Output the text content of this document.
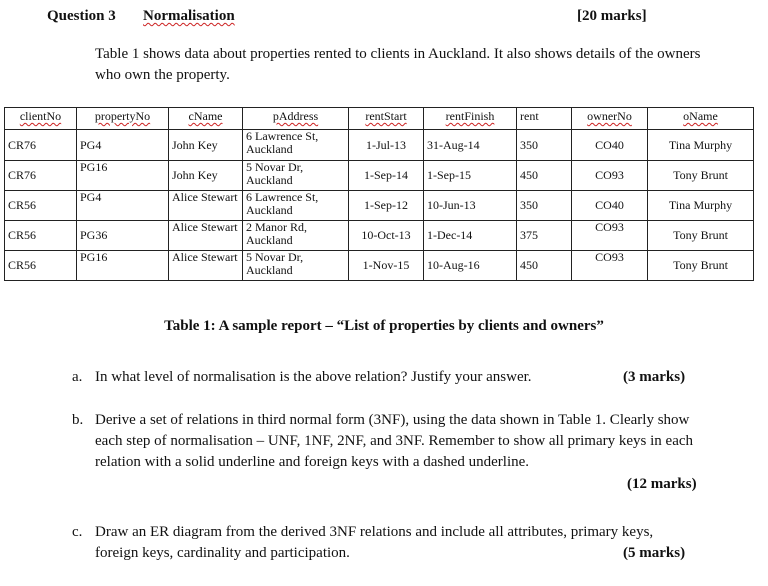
Question 3 Normalisation	[20 marks]
Table 1 shows data about properties rented to clients in Auckland. It also shows details of the owners who own the property.
clientNo	propertyNo	cName	pAddress	rentStart	rentFinish	rent	ownerNo	oName
CR76	PG4	John Key	6 Lawrence St, Auckland	1-Jul-13	31-Aug-14	350	CO40	Tina Murphy
CR76	PG16	John Key	5 Novar Dr, Auckland	1-Sep-14	1-Sep-15	450	CO93	Tony Brunt
CR56	PG4	Alice Stewart	6 Lawrence St, Auckland	1-Sep-12	10-Jun-13	350	CO40	Tina Murphy
CR56	PG36	Alice Stewart	2 Manor Rd, Auckland	10-Oct-13	1-Dec-14	375	CO93	Tony Brunt
CR56	PG16	Alice Stewart	5 Novar Dr, Auckland	1-Nov-15	10-Aug-16	450	CO93	Tony Brunt
Table 1: A sample report – “List of properties by clients and owners”
a. In what level of normalisation is the above relation? Justify your answer.	(3 marks)
b. Derive a set of relations in third normal form (3NF), using the data shown in Table 1. Clearly show each step of normalisation – UNF, 1NF, 2NF, and 3NF. Remember to show all primary keys in each relation with a solid underline and foreign keys with a dashed underline.
(12 marks)
c. Draw an ER diagram from the derived 3NF relations and include all attributes, primary keys, foreign keys, cardinality and participation.	(5 marks)
